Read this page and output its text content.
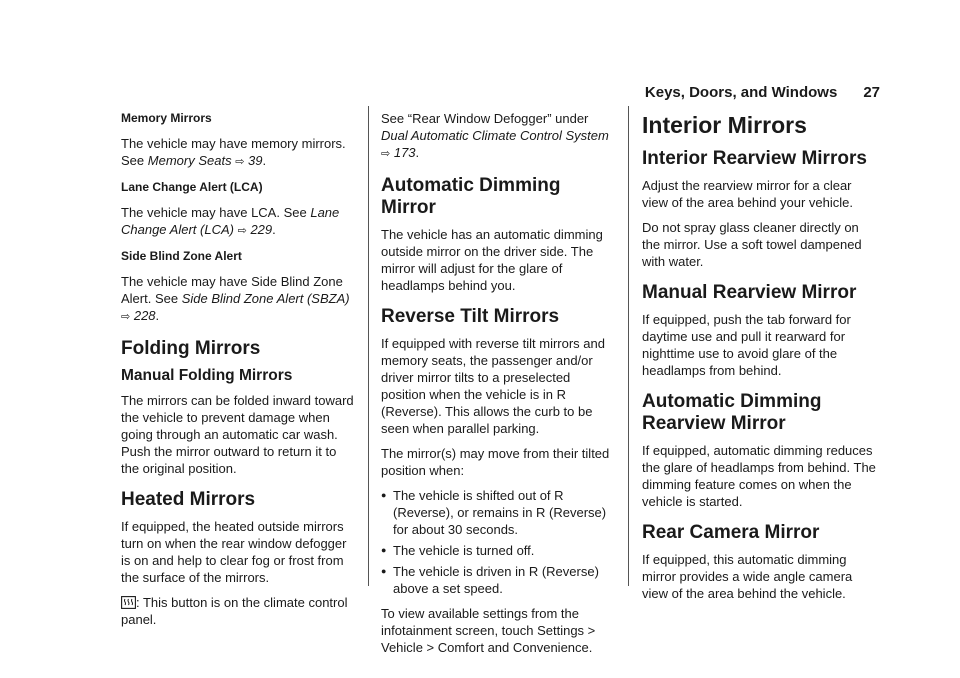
Keys, Doors, and Windows 27

Memory Mirrors

The vehicle may have memory mirrors. See Memory Seats ⇨ 39.

Lane Change Alert (LCA)

The vehicle may have LCA. See Lane Change Alert (LCA) ⇨ 229.

Side Blind Zone Alert

The vehicle may have Side Blind Zone Alert. See Side Blind Zone Alert (SBZA) ⇨ 228.

Folding Mirrors
Manual Folding Mirrors

The mirrors can be folded inward toward the vehicle to prevent damage when going through an automatic car wash. Push the mirror outward to return it to the original position.

Heated Mirrors

If equipped, the heated outside mirrors turn on when the rear window defogger is on and help to clear fog or frost from the surface of the mirrors.

: This button is on the climate control panel.

See “Rear Window Defogger” under Dual Automatic Climate Control System ⇨ 173.

Automatic Dimming Mirror

The vehicle has an automatic dimming outside mirror on the driver side. The mirror will adjust for the glare of headlamps behind you.

Reverse Tilt Mirrors

If equipped with reverse tilt mirrors and memory seats, the passenger and/or driver mirror tilts to a preselected position when the vehicle is in R (Reverse). This allows the curb to be seen when parallel parking.

The mirror(s) may move from their tilted position when:

● The vehicle is shifted out of R (Reverse), or remains in R (Reverse) for about 30 seconds.
● The vehicle is turned off.
● The vehicle is driven in R (Reverse) above a set speed.

To view available settings from the infotainment screen, touch Settings > Vehicle > Comfort and Convenience.

Interior Mirrors
Interior Rearview Mirrors

Adjust the rearview mirror for a clear view of the area behind your vehicle.

Do not spray glass cleaner directly on the mirror. Use a soft towel dampened with water.

Manual Rearview Mirror

If equipped, push the tab forward for daytime use and pull it rearward for nighttime use to avoid glare of the headlamps from behind.

Automatic Dimming Rearview Mirror

If equipped, automatic dimming reduces the glare of headlamps from behind. The dimming feature comes on when the vehicle is started.

Rear Camera Mirror

If equipped, this automatic dimming mirror provides a wide angle camera view of the area behind the vehicle.
